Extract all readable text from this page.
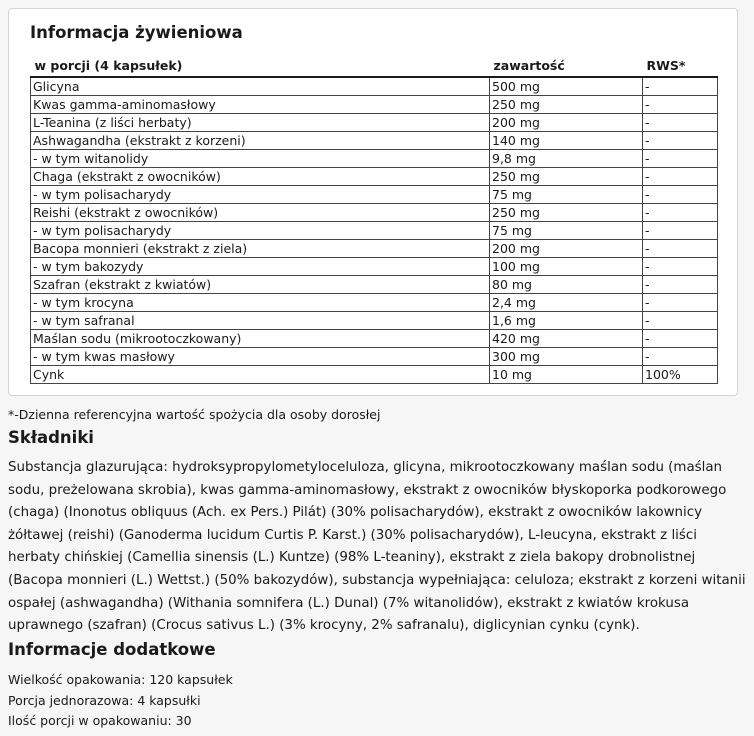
Informacja żywieniowa
w porcji (4 kapsułek)	zawartość	RWS*
Glicyna	500 mg	-
Kwas gamma-aminomasłowy	250 mg	-
L-Teanina (z liści herbaty)	200 mg	-
Ashwagandha (ekstrakt z korzeni)	140 mg	-
- w tym witanolidy	9,8 mg	-
Chaga (ekstrakt z owocników)	250 mg	-
- w tym polisacharydy	75 mg	-
Reishi (ekstrakt z owocników)	250 mg	-
- w tym polisacharydy	75 mg	-
Bacopa monnieri (ekstrakt z ziela)	200 mg	-
- w tym bakozydy	100 mg	-
Szafran (ekstrakt z kwiatów)	80 mg	-
- w tym krocyna	2,4 mg	-
- w tym safranal	1,6 mg	-
Maślan sodu (mikrootoczkowany)	420 mg	-
- w tym kwas masłowy	300 mg	-
Cynk	10 mg	100%
*-Dzienna referencyjna wartość spożycia dla osoby dorosłej
Składniki
Substancja glazurująca: hydroksypropylometyloceluloza, glicyna, mikrootoczkowany maślan sodu (maślan sodu, preżelowana skrobia), kwas gamma-aminomasłowy, ekstrakt z owocników błyskoporka podkorowego (chaga) (Inonotus obliquus (Ach. ex Pers.) Pilát) (30% polisacharydów), ekstrakt z owocników lakownicy żółtawej (reishi) (Ganoderma lucidum Curtis P. Karst.) (30% polisacharydów), L-leucyna, ekstrakt z liści herbaty chińskiej (Camellia sinensis (L.) Kuntze) (98% L-teaniny), ekstrakt z ziela bakopy drobnolistnej (Bacopa monnieri (L.) Wettst.) (50% bakozydów), substancja wypełniająca: celuloza; ekstrakt z korzeni witanii ospałej (ashwagandha) (Withania somnifera (L.) Dunal) (7% witanolidów), ekstrakt z kwiatów krokusa uprawnego (szafran) (Crocus sativus L.) (3% krocyny, 2% safranalu), diglicynian cynku (cynk).
Informacje dodatkowe
Wielkość opakowania: 120 kapsułek
Porcja jednorazowa: 4 kapsułki
Ilość porcji w opakowaniu: 30
